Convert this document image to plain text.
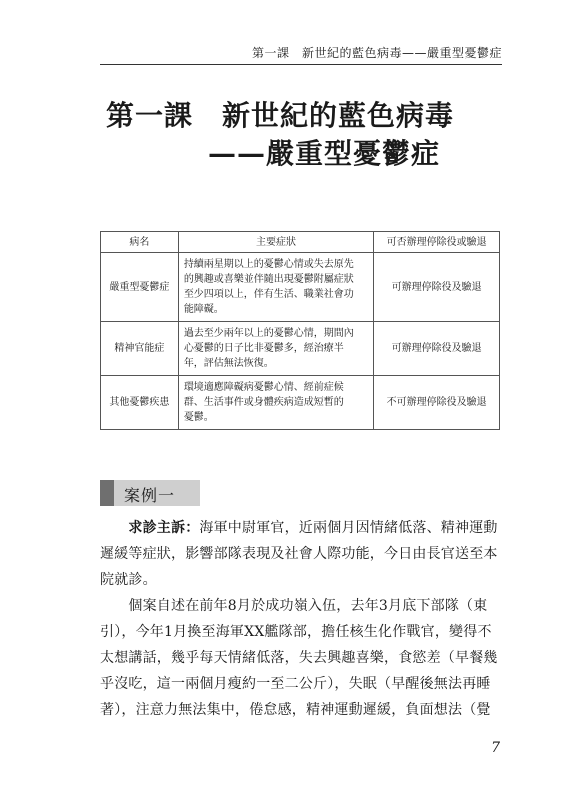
第一課　新世紀的藍色病毒——嚴重型憂鬱症
第一課　新世紀的藍色病毒
——嚴重型憂鬱症
病名	主要症狀	可否辦理停除役或驗退
嚴重型憂鬱症	持續兩星期以上的憂鬱心情或失去原先
的興趣或喜樂並伴隨出現憂鬱附屬症狀
至少四項以上，伴有生活、職業社會功
能障礙。	可辦理停除役及驗退
精神官能症	過去至少兩年以上的憂鬱心情，期間內
心憂鬱的日子比非憂鬱多，經治療半
年，評估無法恢復。	可辦理停除役及驗退
其他憂鬱疾患	環境適應障礙病憂鬱心情、經前症候
群、生活事件或身體疾病造成短暫的
憂鬱。	不可辦理停除役及驗退
案例一
　　求診主訴：海軍中尉軍官，近兩個月因情緒低落、精神運動
遲緩等症狀，影響部隊表現及社會人際功能，今日由長官送至本
院就診。
　　個案自述在前年8月於成功嶺入伍，去年3月底下部隊（東
引），今年1月換至海軍XX艦隊部，擔任核生化作戰官，變得不
太想講話，幾乎每天情緒低落，失去興趣喜樂，食慾差（早餐幾
乎沒吃，這一兩個月瘦約一至二公斤），失眠（早醒後無法再睡
著），注意力無法集中，倦怠感，精神運動遲緩，負面想法（覺
7
